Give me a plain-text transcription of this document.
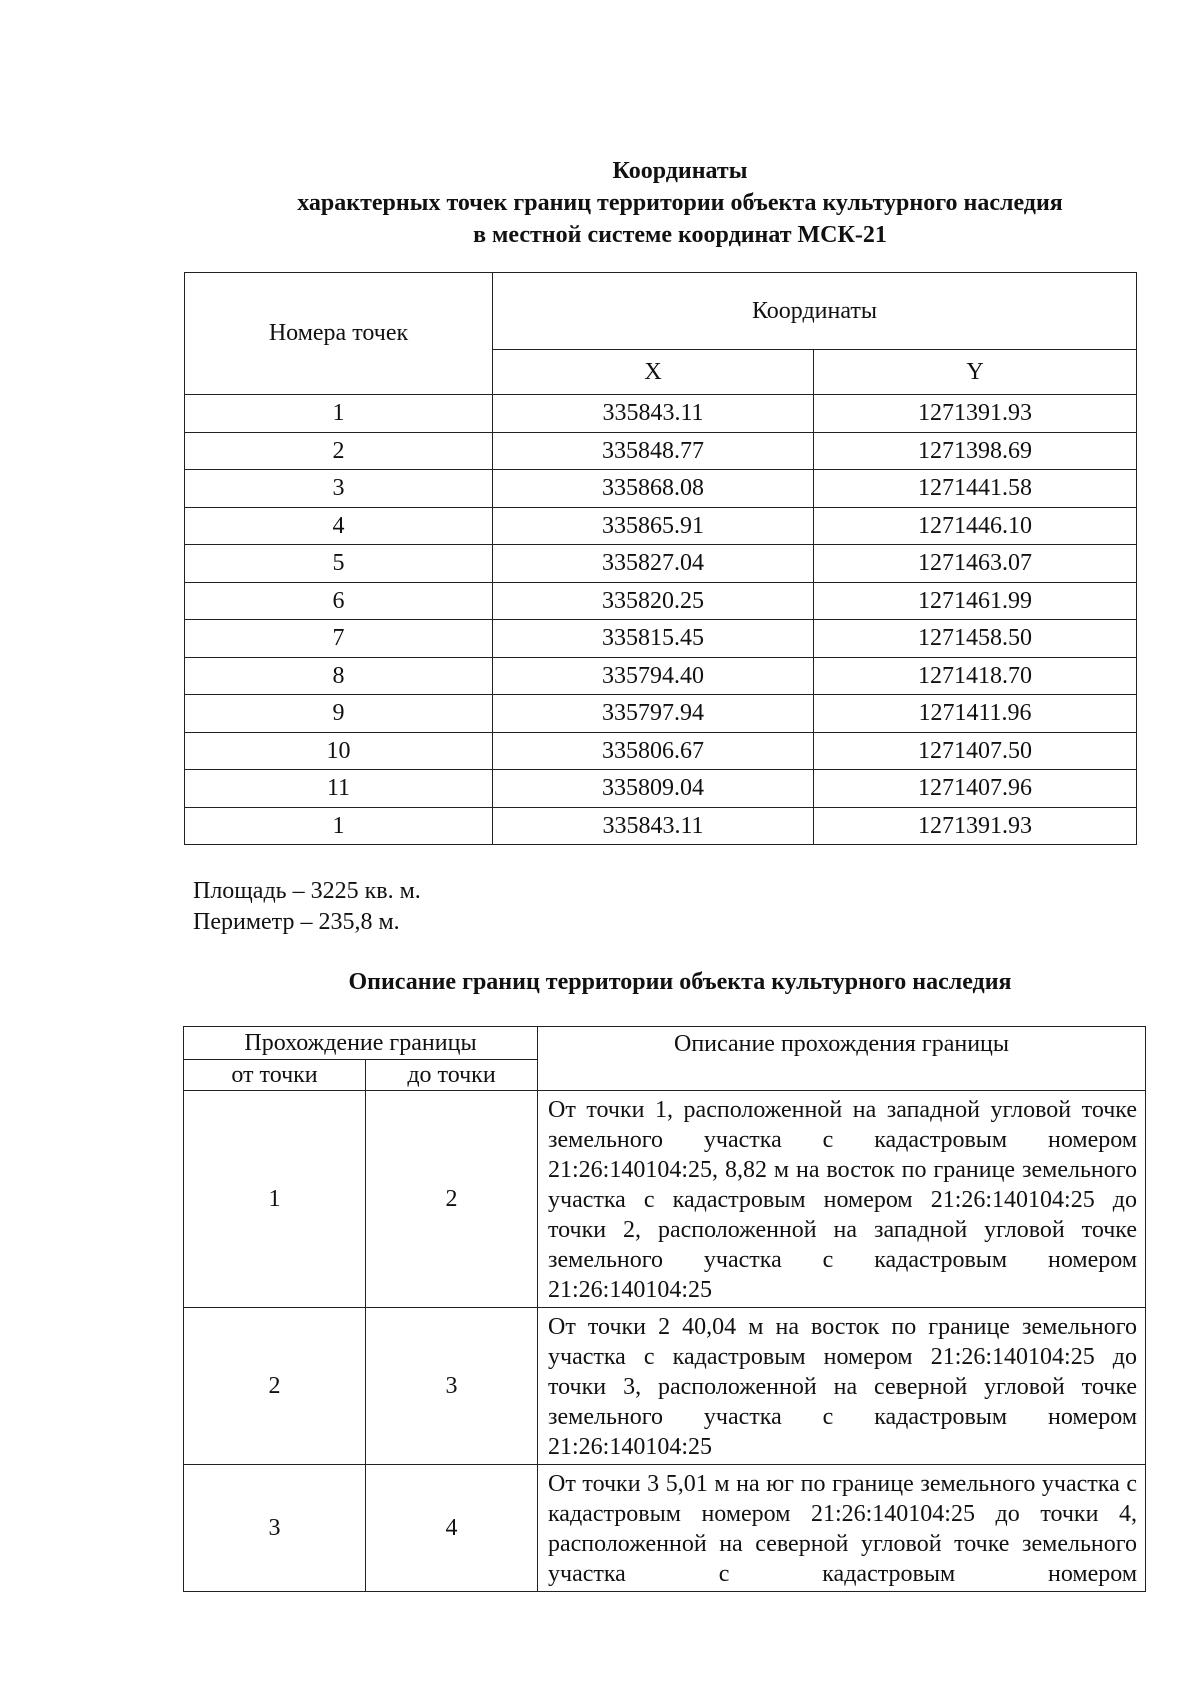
Координаты
характерных точек границ территории объекта культурного наследия
в местной системе координат МСК-21
Номера точек	Координаты	
	X	Y
1	335843.11	1271391.93
2	335848.77	1271398.69
3	335868.08	1271441.58
4	335865.91	1271446.10
5	335827.04	1271463.07
6	335820.25	1271461.99
7	335815.45	1271458.50
8	335794.40	1271418.70
9	335797.94	1271411.96
10	335806.67	1271407.50
11	335809.04	1271407.96
1	335843.11	1271391.93
Площадь – 3225 кв. м.
Периметр – 235,8 м.
Описание границ территории объекта культурного наследия
Прохождение границы		Описание прохождения границы
от точки	до точки	
1	2	От точки 1, расположенной на западной угловой точке земельного участка с кадастровым номером 21:26:140104:25, 8,82 м на восток по границе земельного участка с кадастровым номером 21:26:140104:25 до точки 2, расположенной на западной угловой точке земельного участка с кадастровым номером 21:26:140104:25
2	3	От точки 2 40,04 м на восток по границе земельного участка с кадастровым номером 21:26:140104:25 до точки 3, расположенной на северной угловой точке земельного участка с кадастровым номером 21:26:140104:25
3	4	От точки 3 5,01 м на юг по границе земельного участка с кадастровым номером 21:26:140104:25 до точки 4, расположенной на северной угловой точке земельного участка с кадастровым номером
